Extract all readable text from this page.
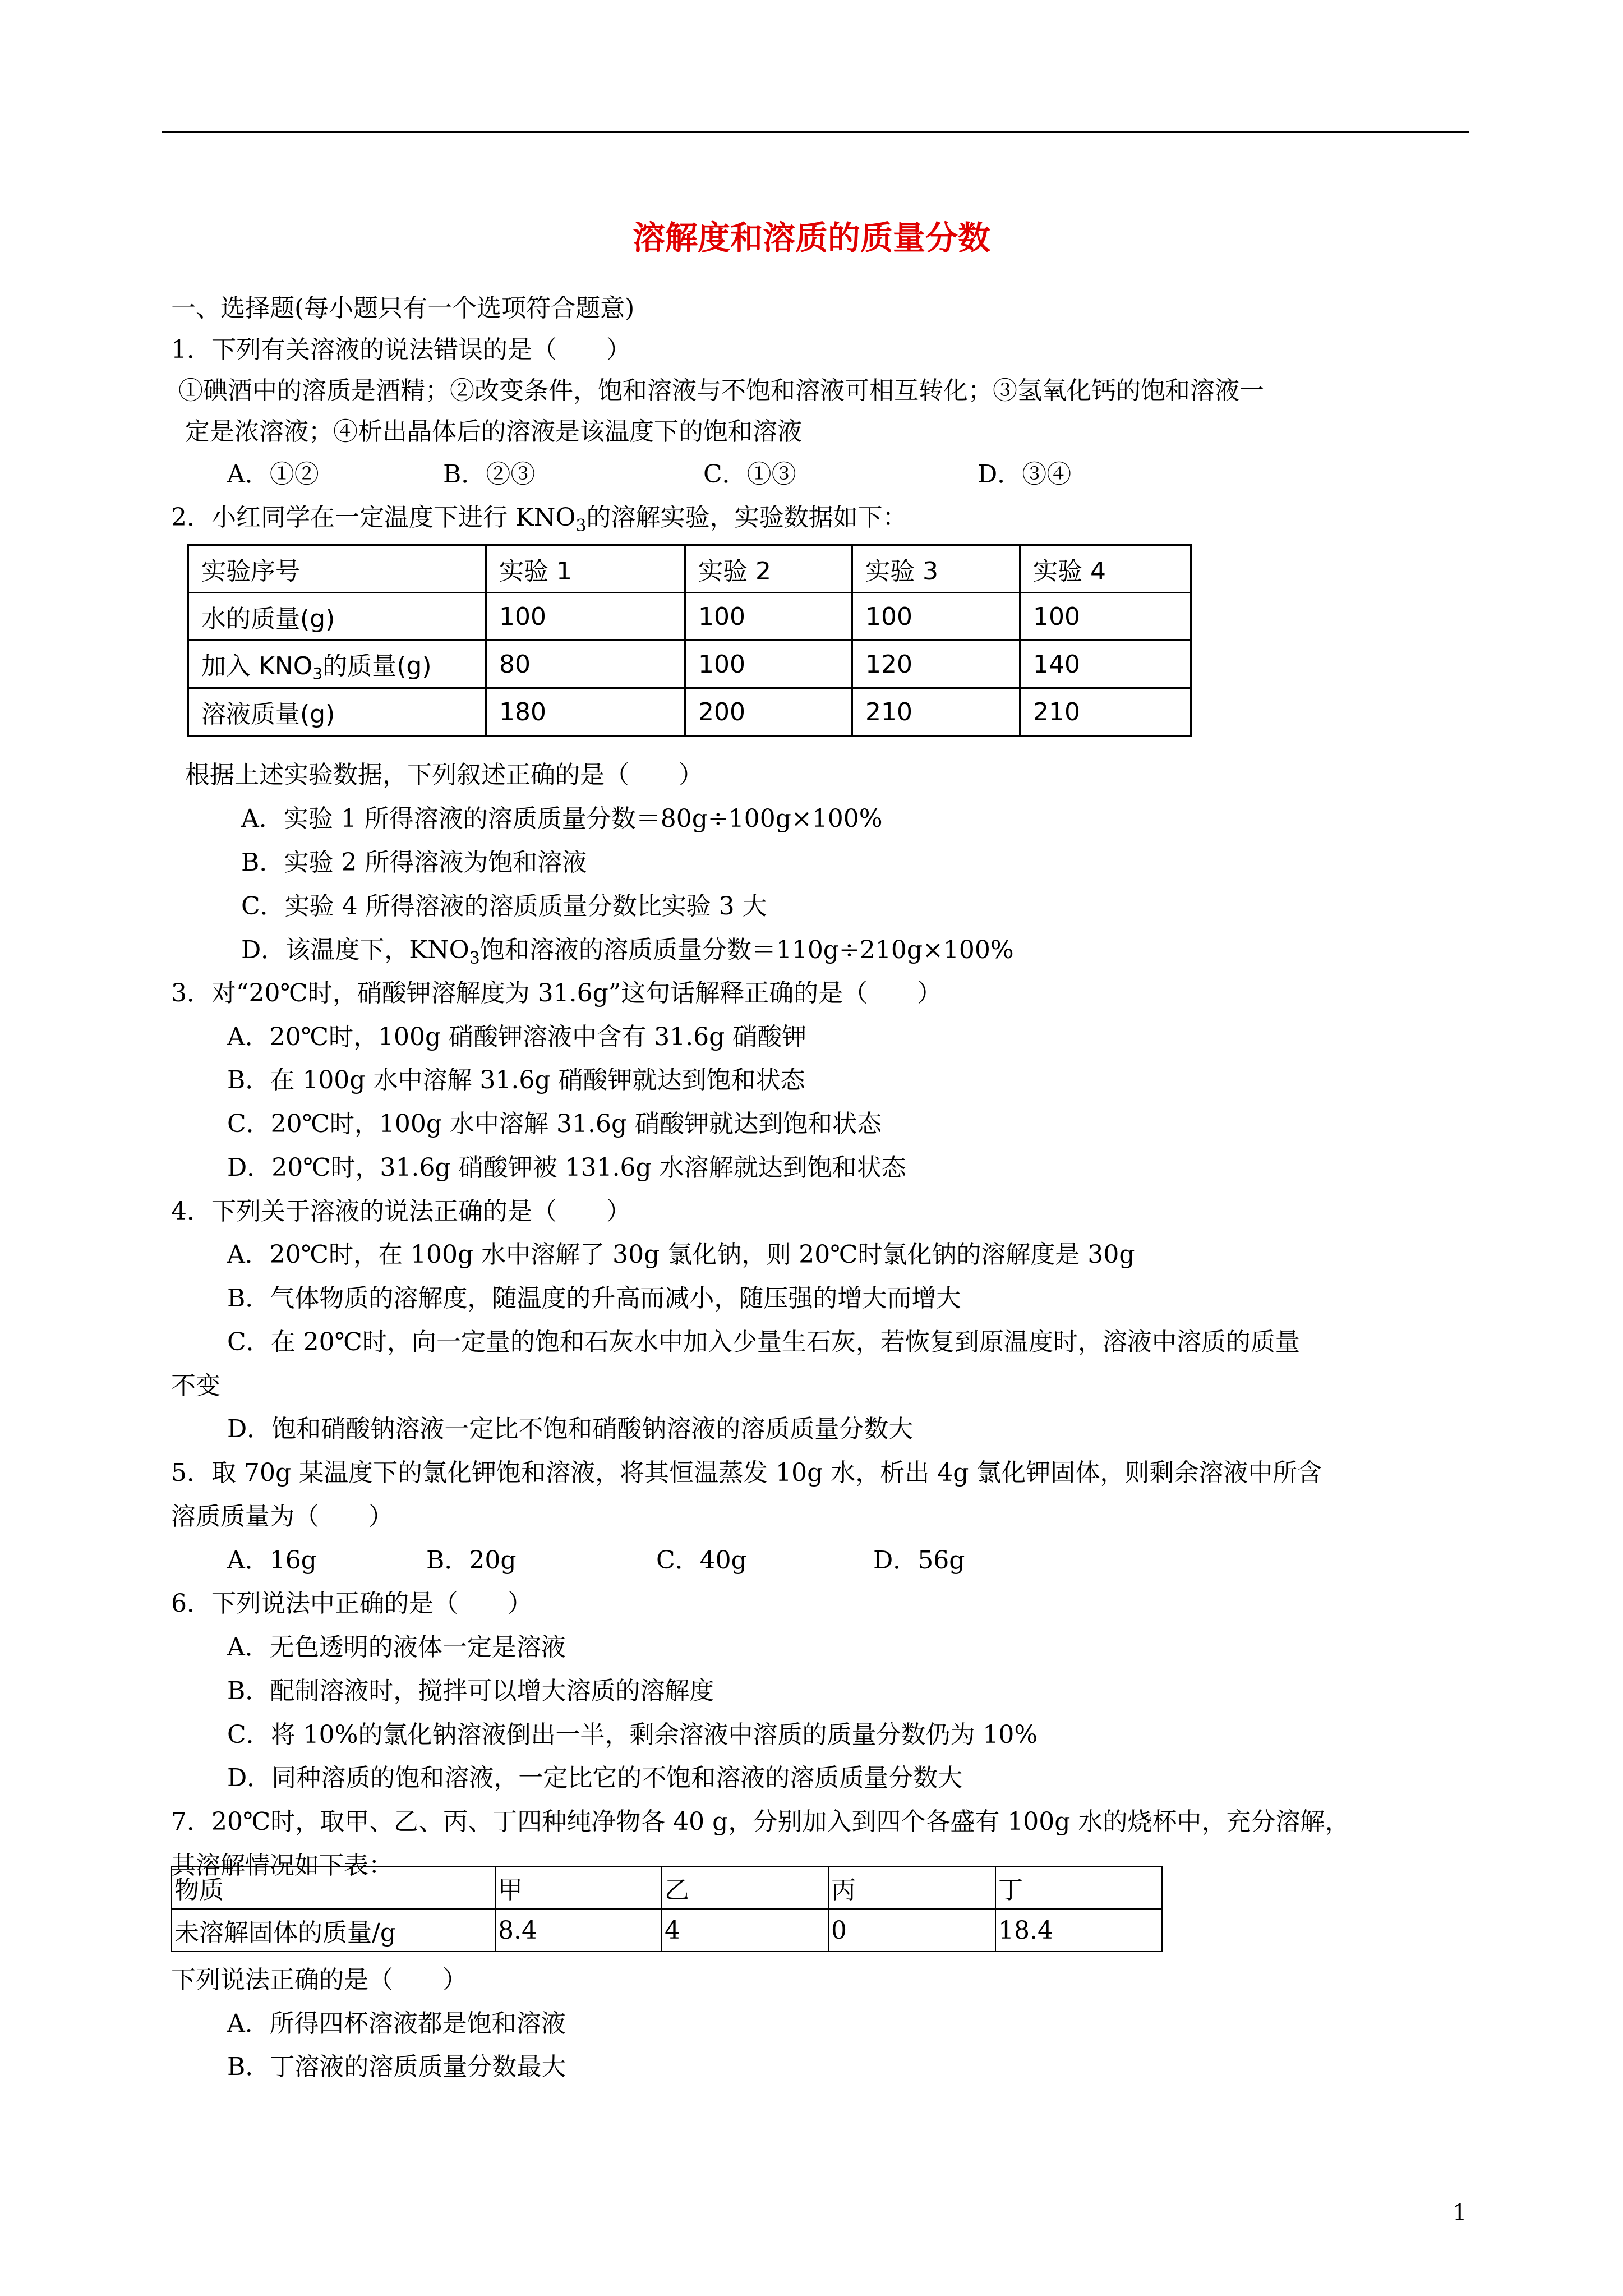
溶解度和溶质的质量分数
一、选择题(每小题只有一个选项符合题意)
1．下列有关溶液的说法错误的是（　　）
①碘酒中的溶质是酒精；②改变条件，饱和溶液与不饱和溶液可相互转化；③氢氧化钙的饱和溶液一
定是浓溶液；④析出晶体后的溶液是该温度下的饱和溶液
A．①②	B．②③	C．①③	D．③④
2．小红同学在一定温度下进行 $KNO_3$的溶解实验，实验数据如下：
实验序号	实验 1	实验 2	实验 3	实验 4
水的质量(g)	100	100	100	100
加入 KNO3的质量(g)	80	100	120	140
溶液质量(g)	180	200	210	210
根据上述实验数据，下列叙述正确的是（　　）
A．实验 1 所得溶液的溶质质量分数＝80g÷100g×100%
B．实验 2 所得溶液为饱和溶液
C．实验 4 所得溶液的溶质质量分数比实验 3 大
D．该温度下，$KNO_3$饱和溶液的溶质质量分数＝110g÷210g×100%
3．对“20℃时，硝酸钾溶解度为 31.6g”这句话解释正确的是（　　）
A．20℃时，100g 硝酸钾溶液中含有 31.6g 硝酸钾
B．在 100g 水中溶解 31.6g 硝酸钾就达到饱和状态
C．20℃时，100g 水中溶解 31.6g 硝酸钾就达到饱和状态
D．20℃时，31.6g 硝酸钾被 131.6g 水溶解就达到饱和状态
4．下列关于溶液的说法正确的是（　　）
A．20℃时，在 100g 水中溶解了 30g 氯化钠，则 20℃时氯化钠的溶解度是 30g
B．气体物质的溶解度，随温度的升高而减小，随压强的增大而增大
C．在 20℃时，向一定量的饱和石灰水中加入少量生石灰，若恢复到原温度时，溶液中溶质的质量
不变
D．饱和硝酸钠溶液一定比不饱和硝酸钠溶液的溶质质量分数大
5．取 70g 某温度下的氯化钾饱和溶液，将其恒温蒸发 10g 水，析出 4g 氯化钾固体，则剩余溶液中所含
溶质质量为（　　）
A．16g	B．20g	C．40g	D．56g
6．下列说法中正确的是（　　）
A．无色透明的液体一定是溶液
B．配制溶液时，搅拌可以增大溶质的溶解度
C．将 10%的氯化钠溶液倒出一半，剩余溶液中溶质的质量分数仍为 10%
D．同种溶质的饱和溶液，一定比它的不饱和溶液的溶质质量分数大
7．20℃时，取甲、乙、丙、丁四种纯净物各 40 g，分别加入到四个各盛有 100g 水的烧杯中，充分溶解，
其溶解情况如下表：
物质	甲	乙	丙	丁
未溶解固体的质量/g	8.4	4	0	18.4
下列说法正确的是（　　）
A．所得四杯溶液都是饱和溶液
B．丁溶液的溶质质量分数最大
1
